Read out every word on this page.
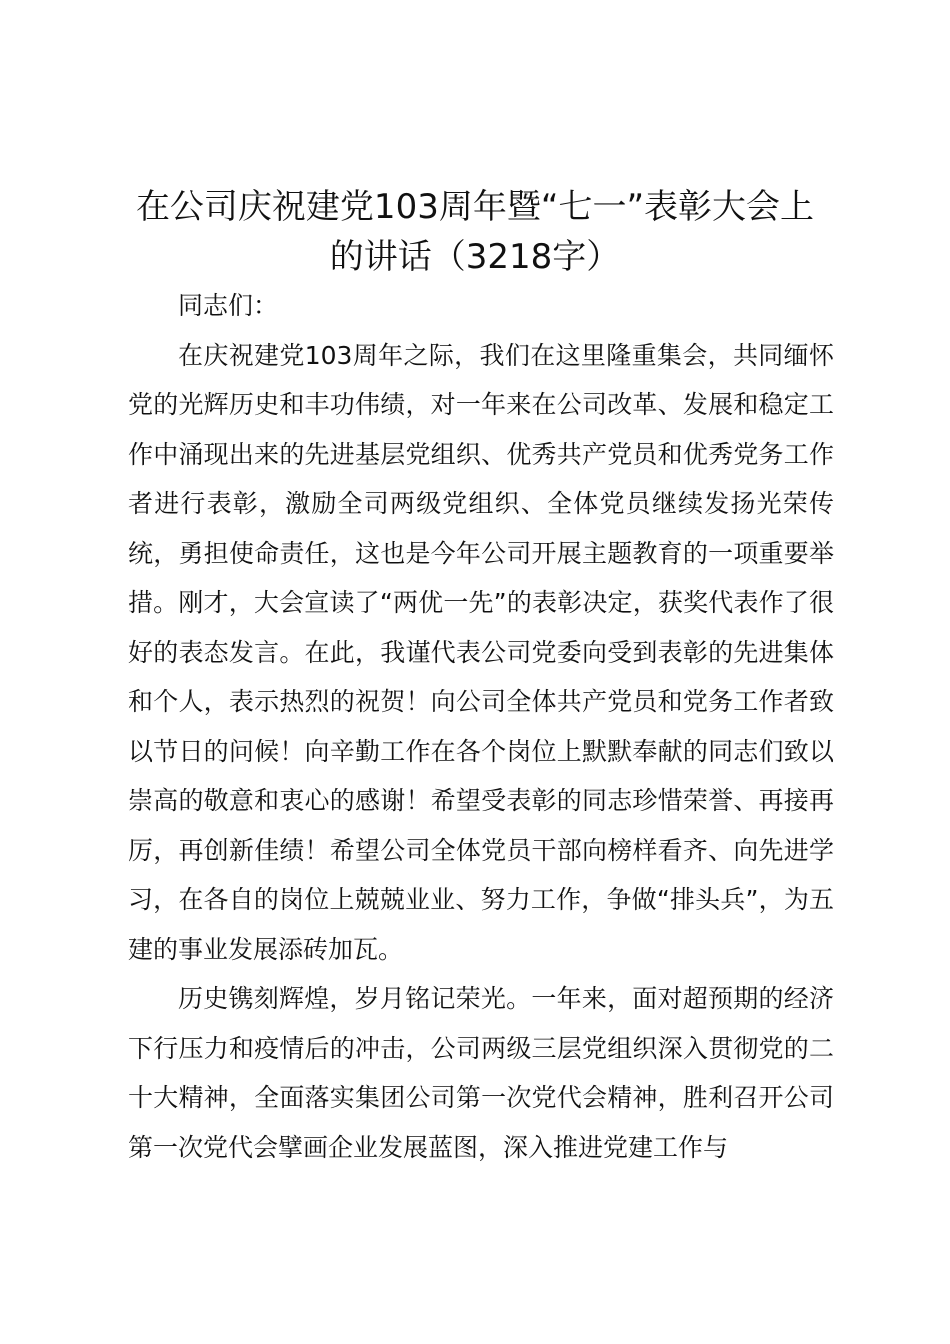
在公司庆祝建党103周年暨“七一”表彰大会上的讲话（3218字）

同志们：

在庆祝建党103周年之际，我们在这里隆重集会，共同缅怀党的光辉历史和丰功伟绩，对一年来在公司改革、发展和稳定工作中涌现出来的先进基层党组织、优秀共产党员和优秀党务工作者进行表彰，激励全司两级党组织、全体党员继续发扬光荣传统，勇担使命责任，这也是今年公司开展主题教育的一项重要举措。刚才，大会宣读了“两优一先”的表彰决定，获奖代表作了很好的表态发言。在此，我谨代表公司党委向受到表彰的先进集体和个人，表示热烈的祝贺！向公司全体共产党员和党务工作者致以节日的问候！向辛勤工作在各个岗位上默默奉献的同志们致以崇高的敬意和衷心的感谢！希望受表彰的同志珍惜荣誉、再接再厉，再创新佳绩！希望公司全体党员干部向榜样看齐、向先进学习，在各自的岗位上兢兢业业、努力工作，争做“排头兵”，为五建的事业发展添砖加瓦。

历史镌刻辉煌，岁月铭记荣光。一年来，面对超预期的经济下行压力和疫情后的冲击，公司两级三层党组织深入贯彻党的二十大精神，全面落实集团公司第一次党代会精神，胜利召开公司第一次党代会擘画企业发展蓝图，深入推进党建工作与
